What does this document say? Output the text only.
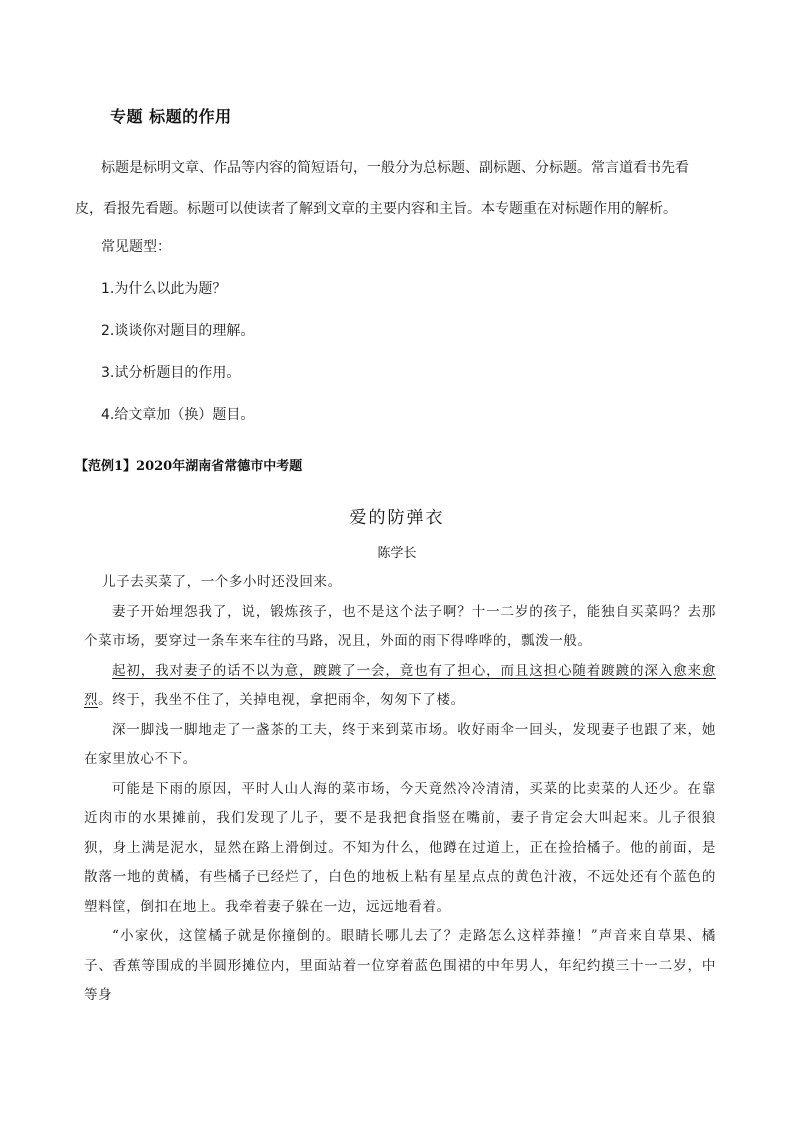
专题 标题的作用

标题是标明文章、作品等内容的简短语句，一般分为总标题、副标题、分标题。常言道看书先看皮，看报先看题。标题可以使读者了解到文章的主要内容和主旨。本专题重在对标题作用的解析。

常见题型：
1.为什么以此为题？
2.谈谈你对题目的理解。
3.试分析题目的作用。
4.给文章加（换）题目。
【范例1】2020年湖南省常德市中考题
爱的防弹衣
陈学长

儿子去买菜了，一个多小时还没回来。

妻子开始埋怨我了，说，锻炼孩子，也不是这个法子啊？十一二岁的孩子，能独自买菜吗？去那个菜市场，要穿过一条车来车往的马路，况且，外面的雨下得哗哗的，瓢泼一般。

起初，我对妻子的话不以为意，踱踱了一会，竟也有了担心，而且这担心随着踱踱的深入愈来愈烈。终于，我坐不住了，关掉电视，拿把雨伞，匆匆下了楼。

深一脚浅一脚地走了一盏茶的工夫，终于来到菜市场。收好雨伞一回头，发现妻子也跟了来，她在家里放心不下。

可能是下雨的原因，平时人山人海的菜市场，今天竟然冷冷清清，买菜的比卖菜的人还少。在靠近肉市的水果摊前，我们发现了儿子，要不是我把食指竖在嘴前，妻子肯定会大叫起来。儿子很狼狈，身上满是泥水，显然在路上滑倒过。不知为什么，他蹲在过道上，正在捡拾橘子。他的前面，是散落一地的黄橘，有些橘子已经烂了，白色的地板上粘有星星点点的黄色汁液，不远处还有个蓝色的塑料筐，倒扣在地上。我牵着妻子躲在一边，远远地看着。

“小家伙，这筐橘子就是你撞倒的。眼睛长哪儿去了？走路怎么这样莽撞！”声音来自草果、橘子、香蕉等围成的半圆形摊位内，里面站着一位穿着蓝色围裙的中年男人，年纪约摸三十一二岁，中等身
